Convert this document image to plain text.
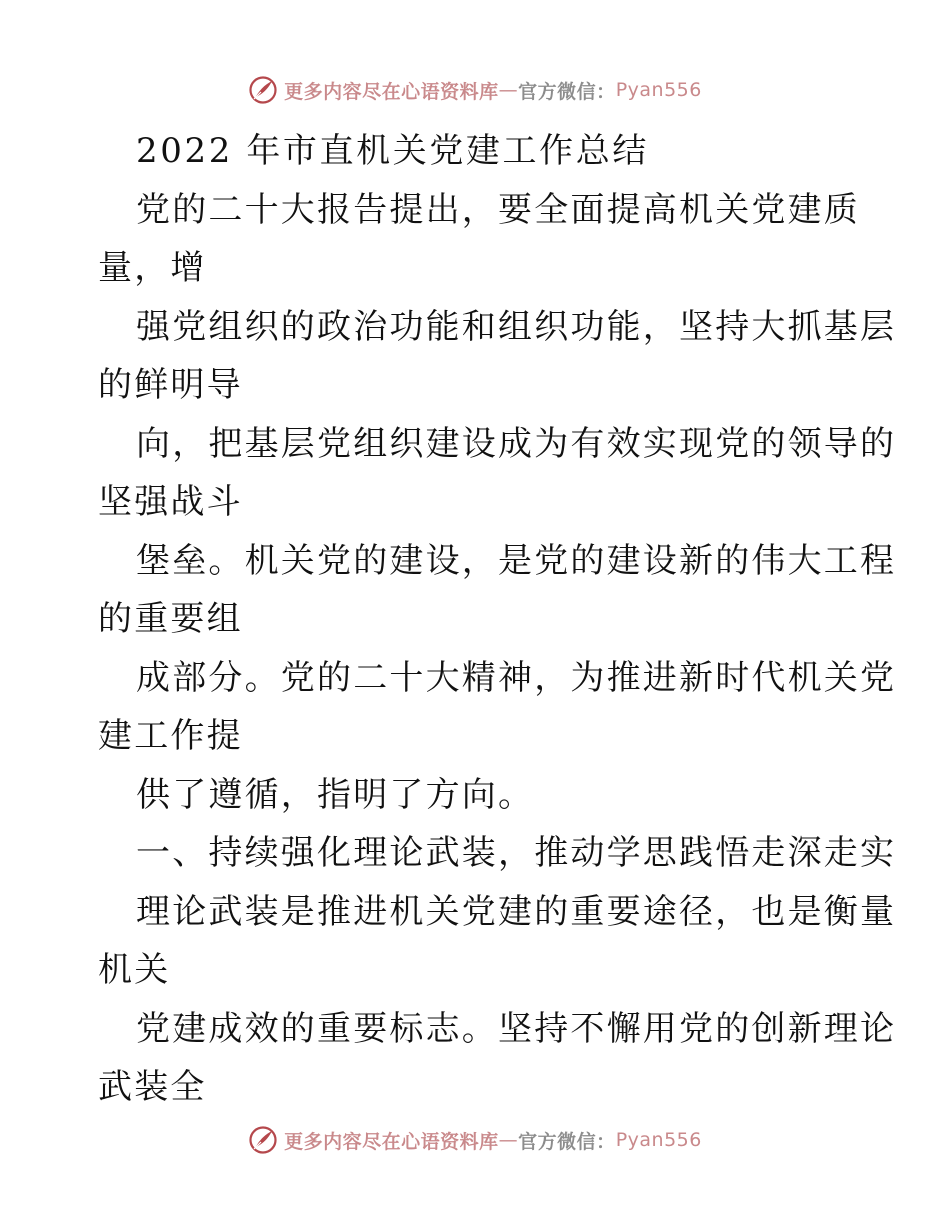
更多内容尽在心语资料库 — 官方微信： Pyan556
2022 年市直机关党建工作总结
党的二十大报告提出，要全面提高机关党建质
量，增
强党组织的政治功能和组织功能，坚持大抓基层
的鲜明导
向，把基层党组织建设成为有效实现党的领导的
坚强战斗
堡垒。机关党的建设，是党的建设新的伟大工程
的重要组
成部分。党的二十大精神，为推进新时代机关党
建工作提
供了遵循，指明了方向。
一、持续强化理论武装，推动学思践悟走深走实
理论武装是推进机关党建的重要途径，也是衡量
机关
党建成效的重要标志。坚持不懈用党的创新理论
武装全
更多内容尽在心语资料库 — 官方微信： Pyan556
